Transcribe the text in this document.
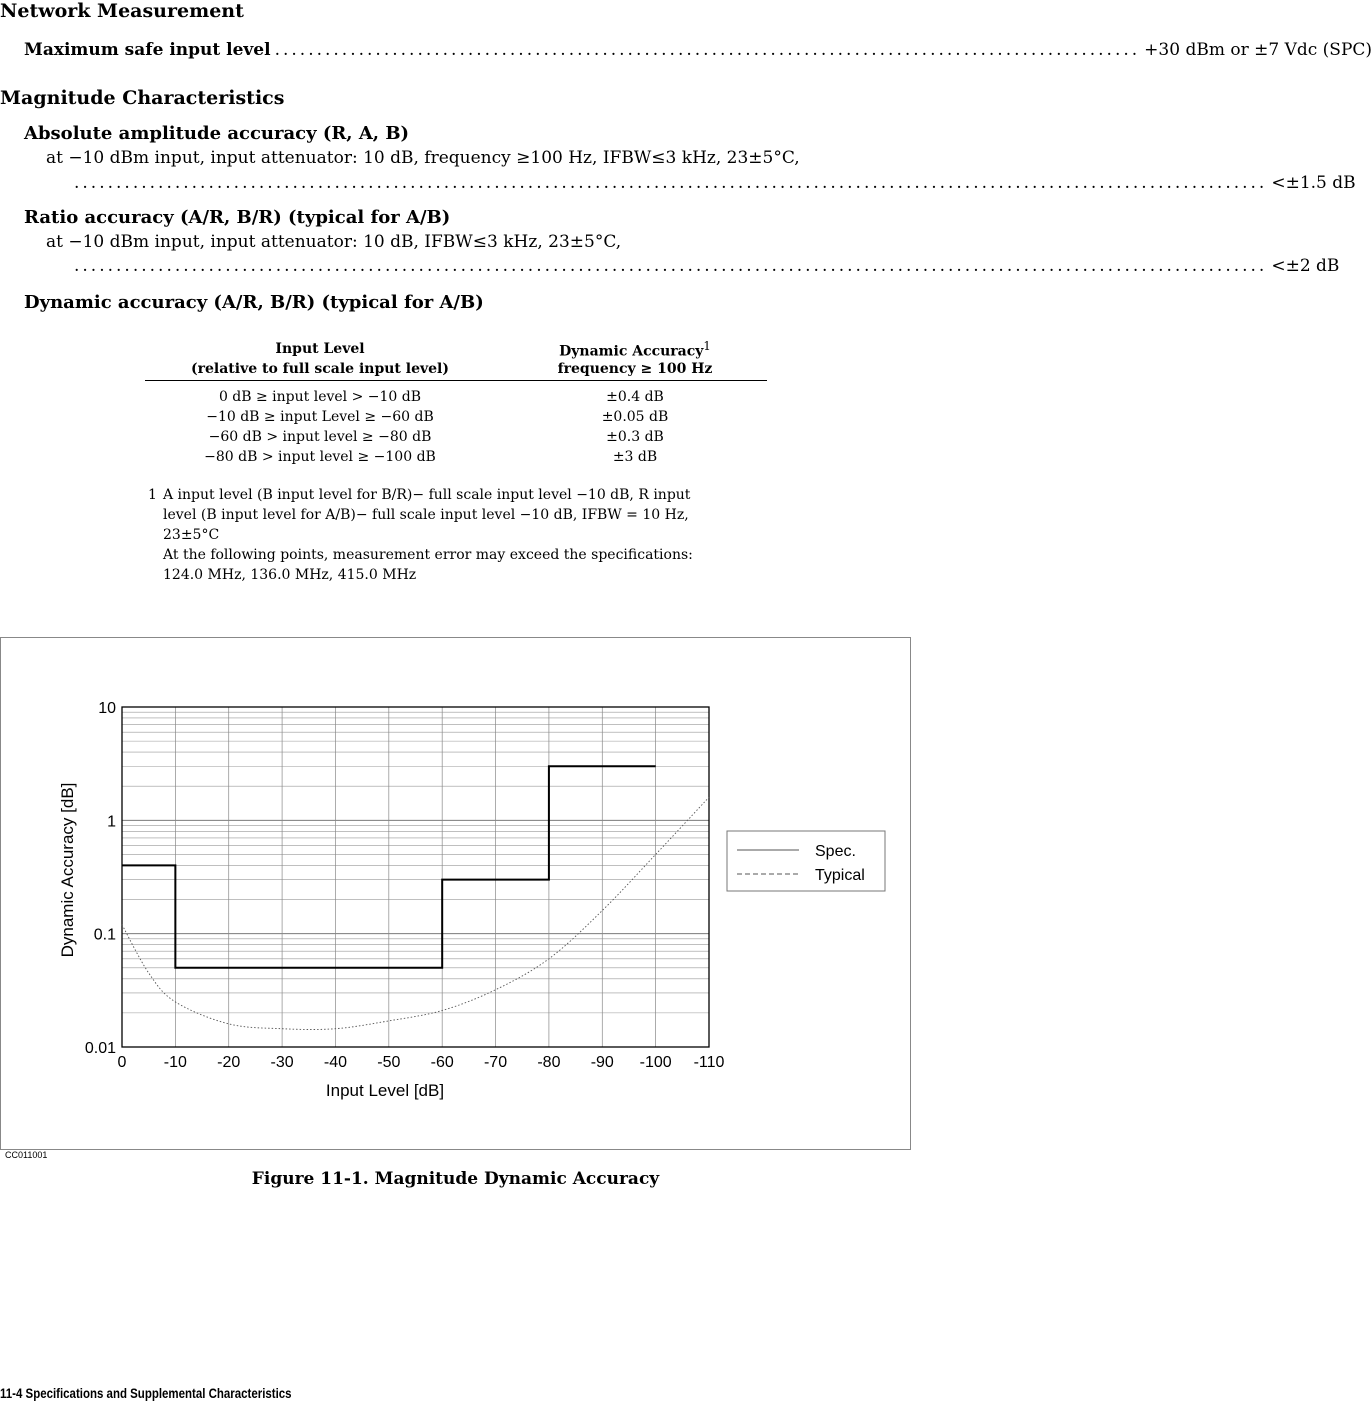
Network Measurement
Maximum safe input level ....................................................................................................... +30 dBm or ±7 Vdc (SPC)
Magnitude Characteristics
Absolute amplitude accuracy (R, A, B)
at −10 dBm input, input attenuator: 10 dB, frequency ≥100 Hz, IFBW≤3 kHz, 23±5°C,
.............................................................................................................................................. <±1.5 dB
Ratio accuracy (A/R, B/R) (typical for A/B)
at −10 dBm input, input attenuator: 10 dB, IFBW≤3 kHz, 23±5°C,
.............................................................................................................................................. <±2 dB
Dynamic accuracy (A/R, B/R) (typical for A/B)
Input Level
(relative to full scale input level)
Dynamic Accuracy$^1$
frequency ≥ 100 Hz
0 dB ≥ input level > −10 dB	±0.4 dB
−10 dB ≥ input Level ≥ −60 dB	±0.05 dB
−60 dB > input level ≥ −80 dB	±0.3 dB
−80 dB > input level ≥ −100 dB	±3 dB
1 A input level (B input level for B/R)− full scale input level −10 dB, R input
level (B input level for A/B)− full scale input level −10 dB, IFBW = 10 Hz,
23±5°C
At the following points, measurement error may exceed the specifications:
124.0 MHz, 136.0 MHz, 415.0 MHz
0 -10 -20 -30 -40 -50 -60 -70 -80 -90 -100 -110
10
1
0.1
0.01
Dynamic Accuracy [dB]
Input Level [dB]
Spec.
Typical
CC011001
Figure 11-1. Magnitude Dynamic Accuracy
11-4 Specifications and Supplemental Characteristics
